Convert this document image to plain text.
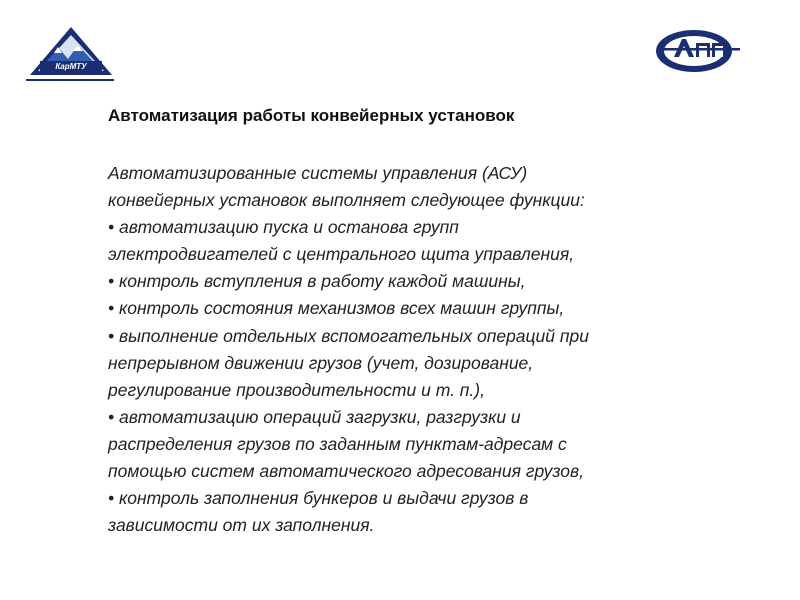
КарМТУ
Автоматизация работы конвейерных установок
Автоматизированные системы управления (АСУ)
конвейерных установок выполняет следующее функции:
• автоматизацию пуска и останова групп
электродвигателей с центрального щита управления,
• контроль вступления в работу каждой машины,
• контроль состояния механизмов всех машин группы,
• выполнение отдельных вспомогательных операций при
непрерывном движении грузов (учет, дозирование,
регулирование производительности и т. п.),
• автоматизацию операций загрузки, разгрузки и
распределения грузов по заданным пунктам-адресам с
помощью систем автоматического адресования грузов,
• контроль заполнения бункеров и выдачи грузов в
зависимости от их заполнения.
